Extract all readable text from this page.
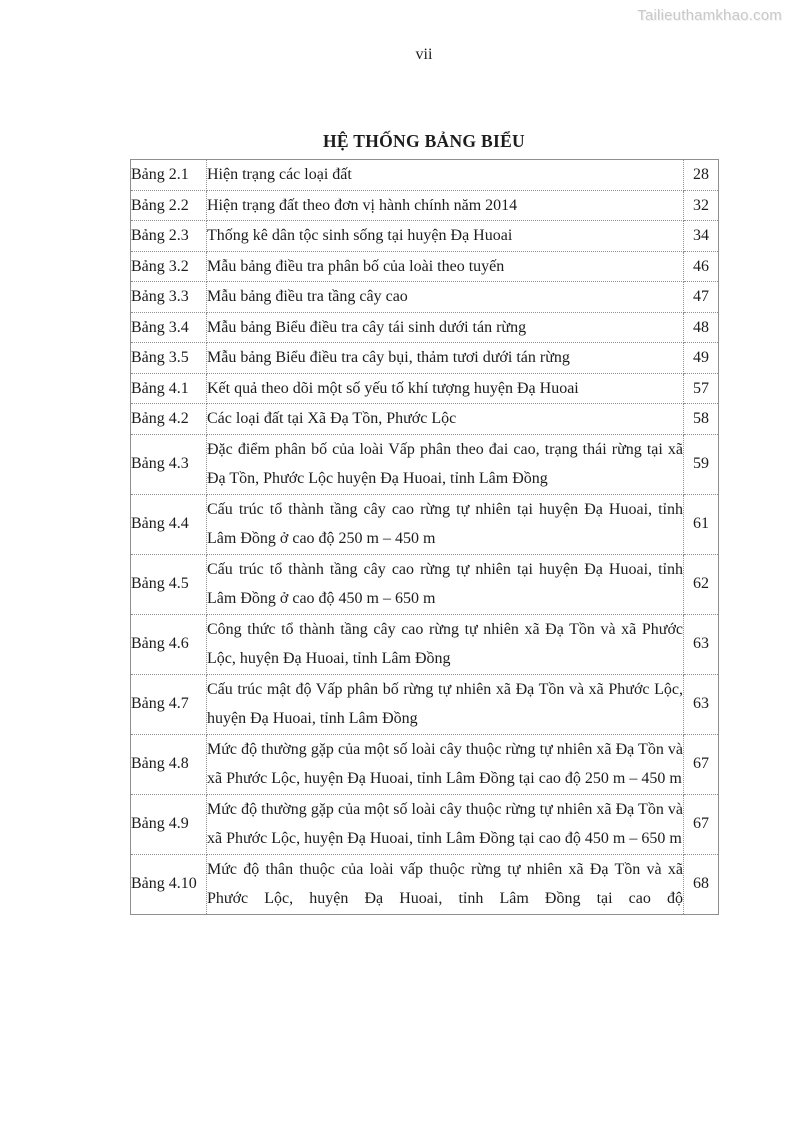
Tailieuthamkhao.com
vii
HỆ THỐNG BẢNG BIỂU
Bảng 2.1	Hiện trạng các loại đất	28
Bảng 2.2	Hiện trạng đất theo đơn vị hành chính năm 2014	32
Bảng 2.3	Thống kê dân tộc sinh sống tại huyện Đạ Huoai	34
Bảng 3.2	Mẫu bảng điều tra phân bố của loài theo tuyến	46
Bảng 3.3	Mẫu bảng điều tra tầng cây cao	47
Bảng 3.4	Mẫu bảng Biểu điều tra cây tái sinh dưới tán rừng	48
Bảng 3.5	Mẫu bảng Biểu điều tra cây bụi, thảm tươi dưới tán rừng	49
Bảng 4.1	Kết quả theo dõi một số yếu tố khí tượng huyện Đạ Huoai	57
Bảng 4.2	Các loại đất tại Xã Đạ Tồn, Phước Lộc	58
Bảng 4.3	Đặc điểm phân bố của loài Vấp phân theo đai cao, trạng thái rừng tại xã Đạ Tồn, Phước Lộc huyện Đạ Huoai, tỉnh Lâm Đồng	59
Bảng 4.4	Cấu trúc tổ thành tầng cây cao rừng tự nhiên tại huyện Đạ Huoai, tỉnh Lâm Đồng ở cao độ 250 m – 450 m	61
Bảng 4.5	Cấu trúc tổ thành tầng cây cao rừng tự nhiên tại huyện Đạ Huoai, tỉnh Lâm Đồng ở cao độ 450 m – 650 m	62
Bảng 4.6	Công thức tổ thành tầng cây cao rừng tự nhiên xã Đạ Tồn và xã Phước Lộc, huyện Đạ Huoai, tỉnh Lâm Đồng	63
Bảng 4.7	Cấu trúc mật độ Vấp phân bố rừng tự nhiên xã Đạ Tồn và xã Phước Lộc, huyện Đạ Huoai, tỉnh Lâm Đồng	63
Bảng 4.8	Mức độ thường gặp của một số loài cây thuộc rừng tự nhiên xã Đạ Tồn và xã Phước Lộc, huyện Đạ Huoai, tỉnh Lâm Đồng tại cao độ 250 m – 450 m	67
Bảng 4.9	Mức độ thường gặp của một số loài cây thuộc rừng tự nhiên xã Đạ Tồn và xã Phước Lộc, huyện Đạ Huoai, tỉnh Lâm Đồng tại cao độ 450 m – 650 m	67
Bảng 4.10	Mức độ thân thuộc của loài vấp thuộc rừng tự nhiên xã Đạ Tồn và xã Phước Lộc, huyện Đạ Huoai, tỉnh Lâm Đồng tại cao độ	68
